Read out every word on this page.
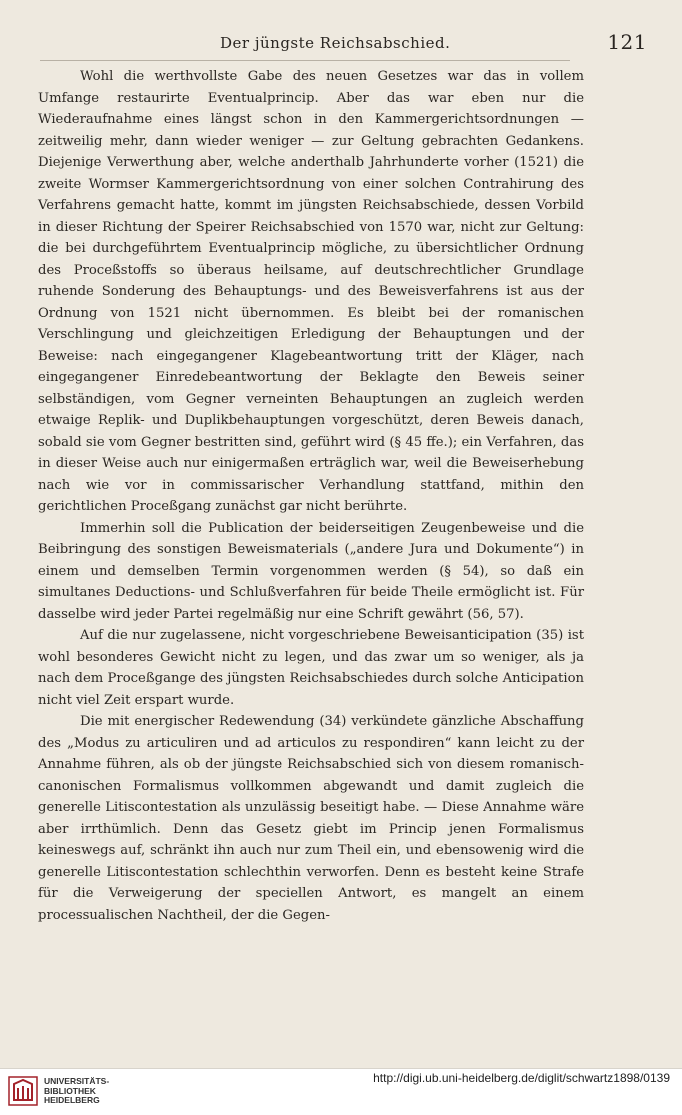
Der jüngste Reichsabschied.	121

Wohl die werthvollste Gabe des neuen Gesetzes war das in vollem Umfange restaurirte Eventualprincip. Aber das war eben nur die Wiederaufnahme eines längst schon in den Kammergerichtsordnungen — zeitweilig mehr, dann wieder weniger — zur Geltung gebrachten Gedankens. Diejenige Verwerthung aber, welche anderthalb Jahrhunderte vorher (1521) die zweite Wormser Kammergerichtsordnung von einer solchen Contrahirung des Verfahrens gemacht hatte, kommt im jüngsten Reichsabschiede, dessen Vorbild in dieser Richtung der Speirer Reichsabschied von 1570 war, nicht zur Geltung: die bei durchgeführtem Eventualprincip mögliche, zu übersichtlicher Ordnung des Proceßstoffs so überaus heilsame, auf deutschrechtlicher Grundlage ruhende Sonderung des Behauptungs- und des Beweisverfahrens ist aus der Ordnung von 1521 nicht übernommen. Es bleibt bei der romanischen Verschlingung und gleichzeitigen Erledigung der Behauptungen und der Beweise: nach eingegangener Klagebeantwortung tritt der Kläger, nach eingegangener Einredebeantwortung der Beklagte den Beweis seiner selbständigen, vom Gegner verneinten Behauptungen an zugleich werden etwaige Replik- und Duplikbehauptungen vorgeschützt, deren Beweis danach, sobald sie vom Gegner bestritten sind, geführt wird (§ 45 ffe.); ein Verfahren, das in dieser Weise auch nur einigermaßen erträglich war, weil die Beweiserhebung nach wie vor in commissarischer Verhandlung stattfand, mithin den gerichtlichen Proceßgang zunächst gar nicht berührte.

Immerhin soll die Publication der beiderseitigen Zeugenbeweise und die Beibringung des sonstigen Beweismaterials („andere Jura und Dokumente“) in einem und demselben Termin vorgenommen werden (§ 54), so daß ein simultanes Deductions- und Schlußverfahren für beide Theile ermöglicht ist. Für dasselbe wird jeder Partei regelmäßig nur eine Schrift gewährt (56, 57).

Auf die nur zugelassene, nicht vorgeschriebene Beweisanticipation (35) ist wohl besonderes Gewicht nicht zu legen, und das zwar um so weniger, als ja nach dem Proceßgange des jüngsten Reichsabschiedes durch solche Anticipation nicht viel Zeit erspart wurde.

Die mit energischer Redewendung (34) verkündete gänzliche Abschaffung des „Modus zu articuliren und ad articulos zu respondiren“ kann leicht zu der Annahme führen, als ob der jüngste Reichsabschied sich von diesem romanisch-canonischen Formalismus vollkommen abgewandt und damit zugleich die generelle Litiscontestation als unzulässig beseitigt habe. — Diese Annahme wäre aber irrthümlich. Denn das Gesetz giebt im Princip jenen Formalismus keineswegs auf, schränkt ihn auch nur zum Theil ein, und ebensowenig wird die generelle Litiscontestation schlechthin verworfen. Denn es besteht keine Strafe für die Verweigerung der speciellen Antwort, es mangelt an einem processualischen Nachtheil, der die Gegen-

UNIVERSITÄTS-
BIBLIOTHEK
HEIDELBERG
http://digi.ub.uni-heidelberg.de/diglit/schwartz1898/0139
